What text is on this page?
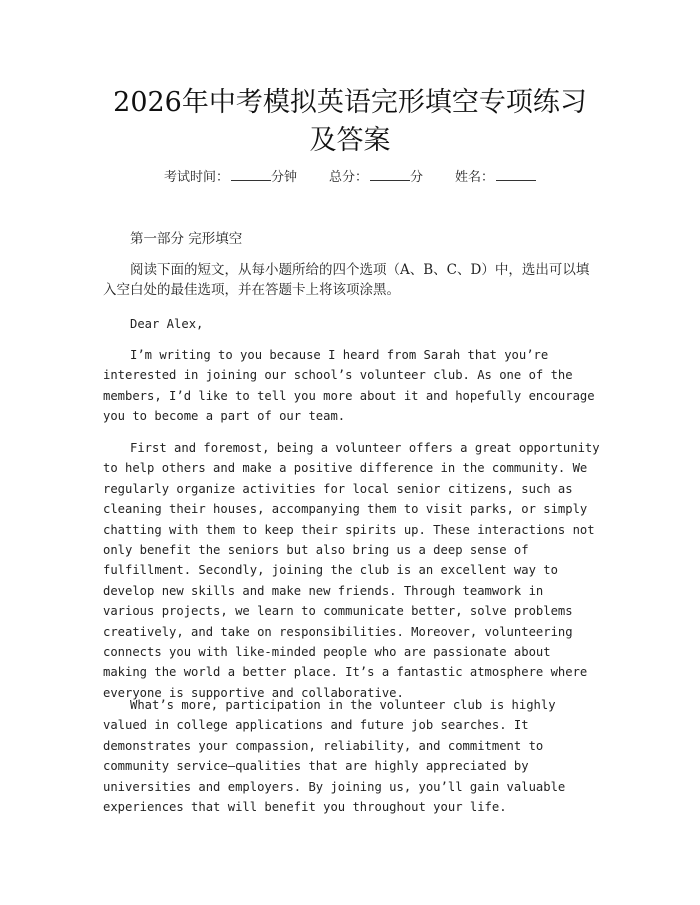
2026年中考模拟英语完形填空专项练习及答案
考试时间：	分钟 总分：	分 姓名：
第一部分 完形填空

阅读下面的短文，从每小题所给的四个选项（A、B、C、D）中，选出可以填入空白处的最佳选项，并在答题卡上将该项涂黑。

Dear Alex,

I’m writing to you because I heard from Sarah that you’re interested in joining our school’s volunteer club. As one of the members, I’d like to tell you more about it and hopefully encourage you to become a part of our team.

First and foremost, being a volunteer offers a great opportunity to help others and make a positive difference in the community. We regularly organize activities for local senior citizens, such as cleaning their houses, accompanying them to visit parks, or simply chatting with them to keep their spirits up. These interactions not only benefit the seniors but also bring us a deep sense of fulfillment. Secondly, joining the club is an excellent way to develop new skills and make new friends. Through teamwork in various projects, we learn to communicate better, solve problems creatively, and take on responsibilities. Moreover, volunteering connects you with like-minded people who are passionate about making the world a better place. It’s a fantastic atmosphere where everyone is supportive and collaborative.

What’s more, participation in the volunteer club is highly valued in college applications and future job searches. It demonstrates your compassion, reliability, and commitment to community service—qualities that are highly appreciated by universities and employers. By joining us, you’ll gain valuable experiences that will benefit you throughout your life.
